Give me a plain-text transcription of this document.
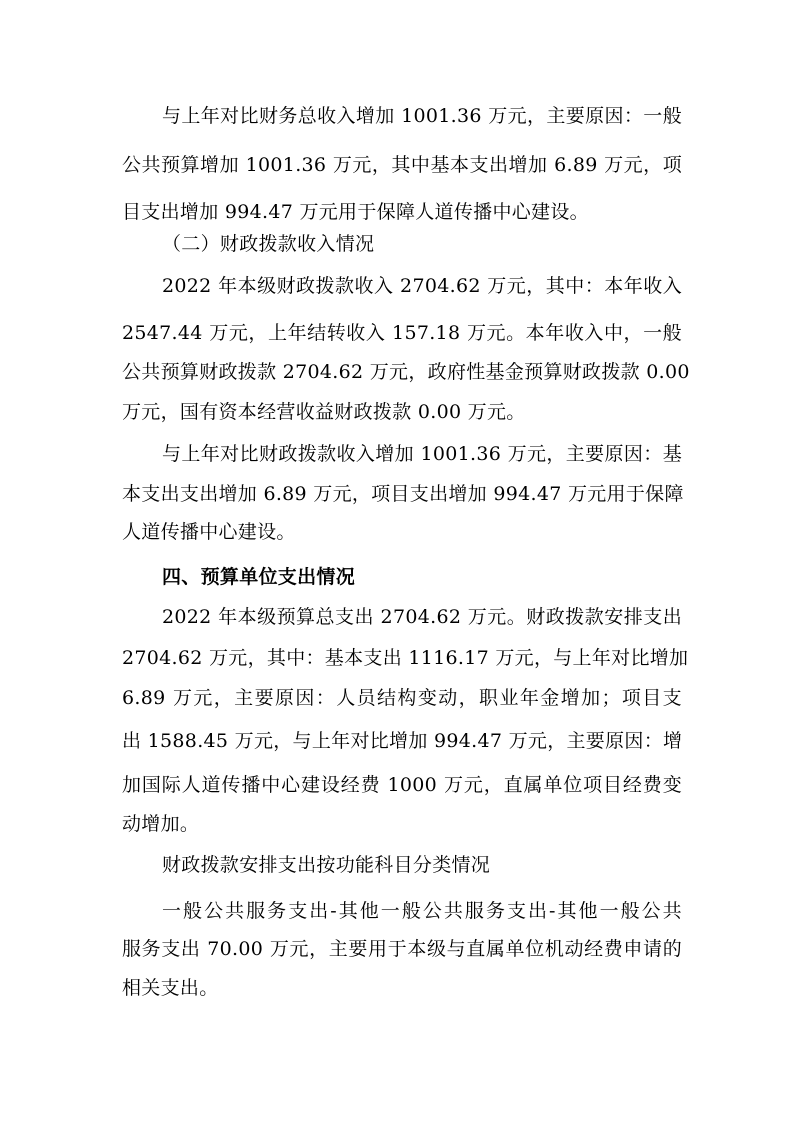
与上年对比财务总收入增加 1001.36 万元，主要原因：一般
公共预算增加 1001.36 万元，其中基本支出增加 6.89 万元，项
目支出增加 994.47 万元用于保障人道传播中心建设。
（二）财政拨款收入情况
2022 年本级财政拨款收入 2704.62 万元，其中：本年收入
2547.44 万元，上年结转收入 157.18 万元。本年收入中，一般
公共预算财政拨款 2704.62 万元，政府性基金预算财政拨款 0.00
万元，国有资本经营收益财政拨款 0.00 万元。
与上年对比财政拨款收入增加 1001.36 万元，主要原因：基
本支出支出增加 6.89 万元，项目支出增加 994.47 万元用于保障
人道传播中心建设。
四、预算单位支出情况
2022 年本级预算总支出 2704.62 万元。财政拨款安排支出
2704.62 万元，其中：基本支出 1116.17 万元，与上年对比增加
6.89 万元，主要原因：人员结构变动，职业年金增加；项目支
出 1588.45 万元，与上年对比增加 994.47 万元，主要原因：增
加国际人道传播中心建设经费 1000 万元，直属单位项目经费变
动增加。
财政拨款安排支出按功能科目分类情况
一般公共服务支出-其他一般公共服务支出-其他一般公共
服务支出 70.00 万元，主要用于本级与直属单位机动经费申请的
相关支出。
